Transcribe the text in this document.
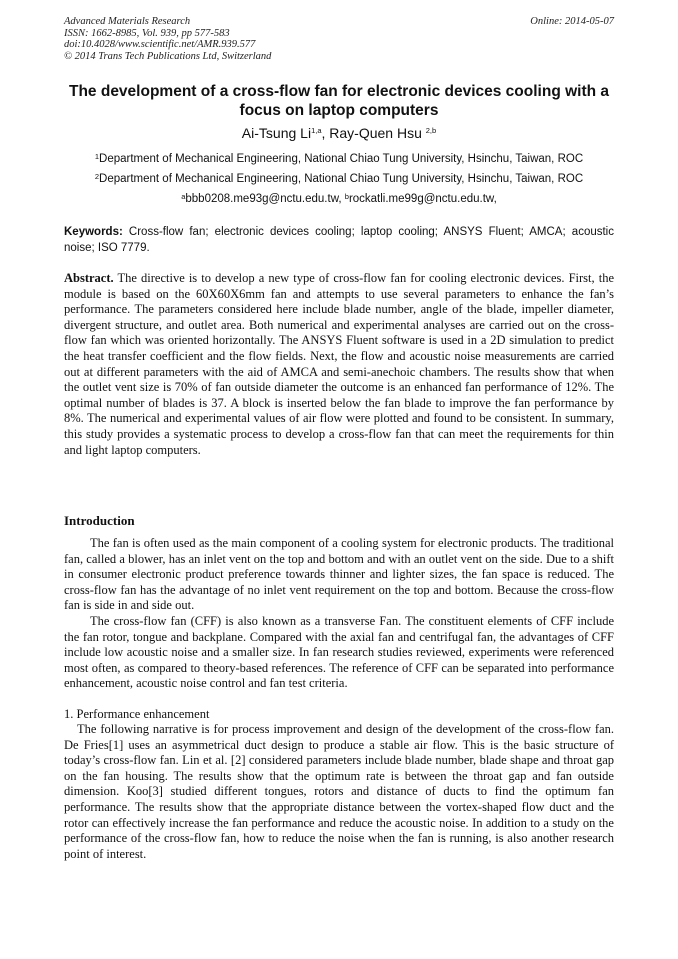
Advanced Materials Research
ISSN: 1662-8985, Vol. 939, pp 577-583
doi:10.4028/www.scientific.net/AMR.939.577
© 2014 Trans Tech Publications Ltd, Switzerland
Online: 2014-05-07
The development of a cross-flow fan for electronic devices cooling with a focus on laptop computers
Ai-Tsung Li$^{1,a}$, Ray-Quen Hsu $^{2,b}$
$^1$Department of Mechanical Engineering, National Chiao Tung University, Hsinchu, Taiwan, ROC
$^2$Department of Mechanical Engineering, National Chiao Tung University, Hsinchu, Taiwan, ROC
$^a$bbb0208.me93g@nctu.edu.tw, $^b$rockatli.me99g@nctu.edu.tw,
Keywords: Cross-flow fan; electronic devices cooling; laptop cooling; ANSYS Fluent; AMCA; acoustic noise; ISO 7779.
Abstract. The directive is to develop a new type of cross-flow fan for cooling electronic devices. First, the module is based on the 60X60X6mm fan and attempts to use several parameters to enhance the fan’s performance. The parameters considered here include blade number, angle of the blade, impeller diameter, divergent structure, and outlet area. Both numerical and experimental analyses are carried out on the cross-flow fan which was oriented horizontally. The ANSYS Fluent software is used in a 2D simulation to predict the heat transfer coefficient and the flow fields. Next, the flow and acoustic noise measurements are carried out at different parameters with the aid of AMCA and semi-anechoic chambers. The results show that when the outlet vent size is 70% of fan outside diameter the outcome is an enhanced fan performance of 12%. The optimal number of blades is 37. A block is inserted below the fan blade to improve the fan performance by 8%. The numerical and experimental values of air flow were plotted and found to be consistent. In summary, this study provides a systematic process to develop a cross-flow fan that can meet the requirements for thin and light laptop computers.
Introduction

The fan is often used as the main component of a cooling system for electronic products. The traditional fan, called a blower, has an inlet vent on the top and bottom and with an outlet vent on the side. Due to a shift in consumer electronic product preference towards thinner and lighter sizes, the fan space is reduced. The cross-flow fan has the advantage of no inlet vent requirement on the top and bottom. Because the cross-flow fan is side in and side out.

The cross-flow fan (CFF) is also known as a transverse Fan. The constituent elements of CFF include the fan rotor, tongue and backplane. Compared with the axial fan and centrifugal fan, the advantages of CFF include low acoustic noise and a smaller size. In fan research studies reviewed, experiments were referenced most often, as compared to theory-based references. The reference of CFF can be separated into performance enhancement, acoustic noise control and fan test criteria.

1. Performance enhancement

The following narrative is for process improvement and design of the development of the cross-flow fan. De Fries[1] uses an asymmetrical duct design to produce a stable air flow. This is the basic structure of today’s cross-flow fan. Lin et al. [2] considered parameters include blade number, blade shape and throat gap on the fan housing. The results show that the optimum rate is between the throat gap and fan outside dimension. Koo[3] studied different tongues, rotors and distance of ducts to find the optimum fan performance. The results show that the appropriate distance between the vortex-shaped flow duct and the rotor can effectively increase the fan performance and reduce the acoustic noise. In addition to a study on the performance of the cross-flow fan, how to reduce the noise when the fan is running, is also another research point of interest.
